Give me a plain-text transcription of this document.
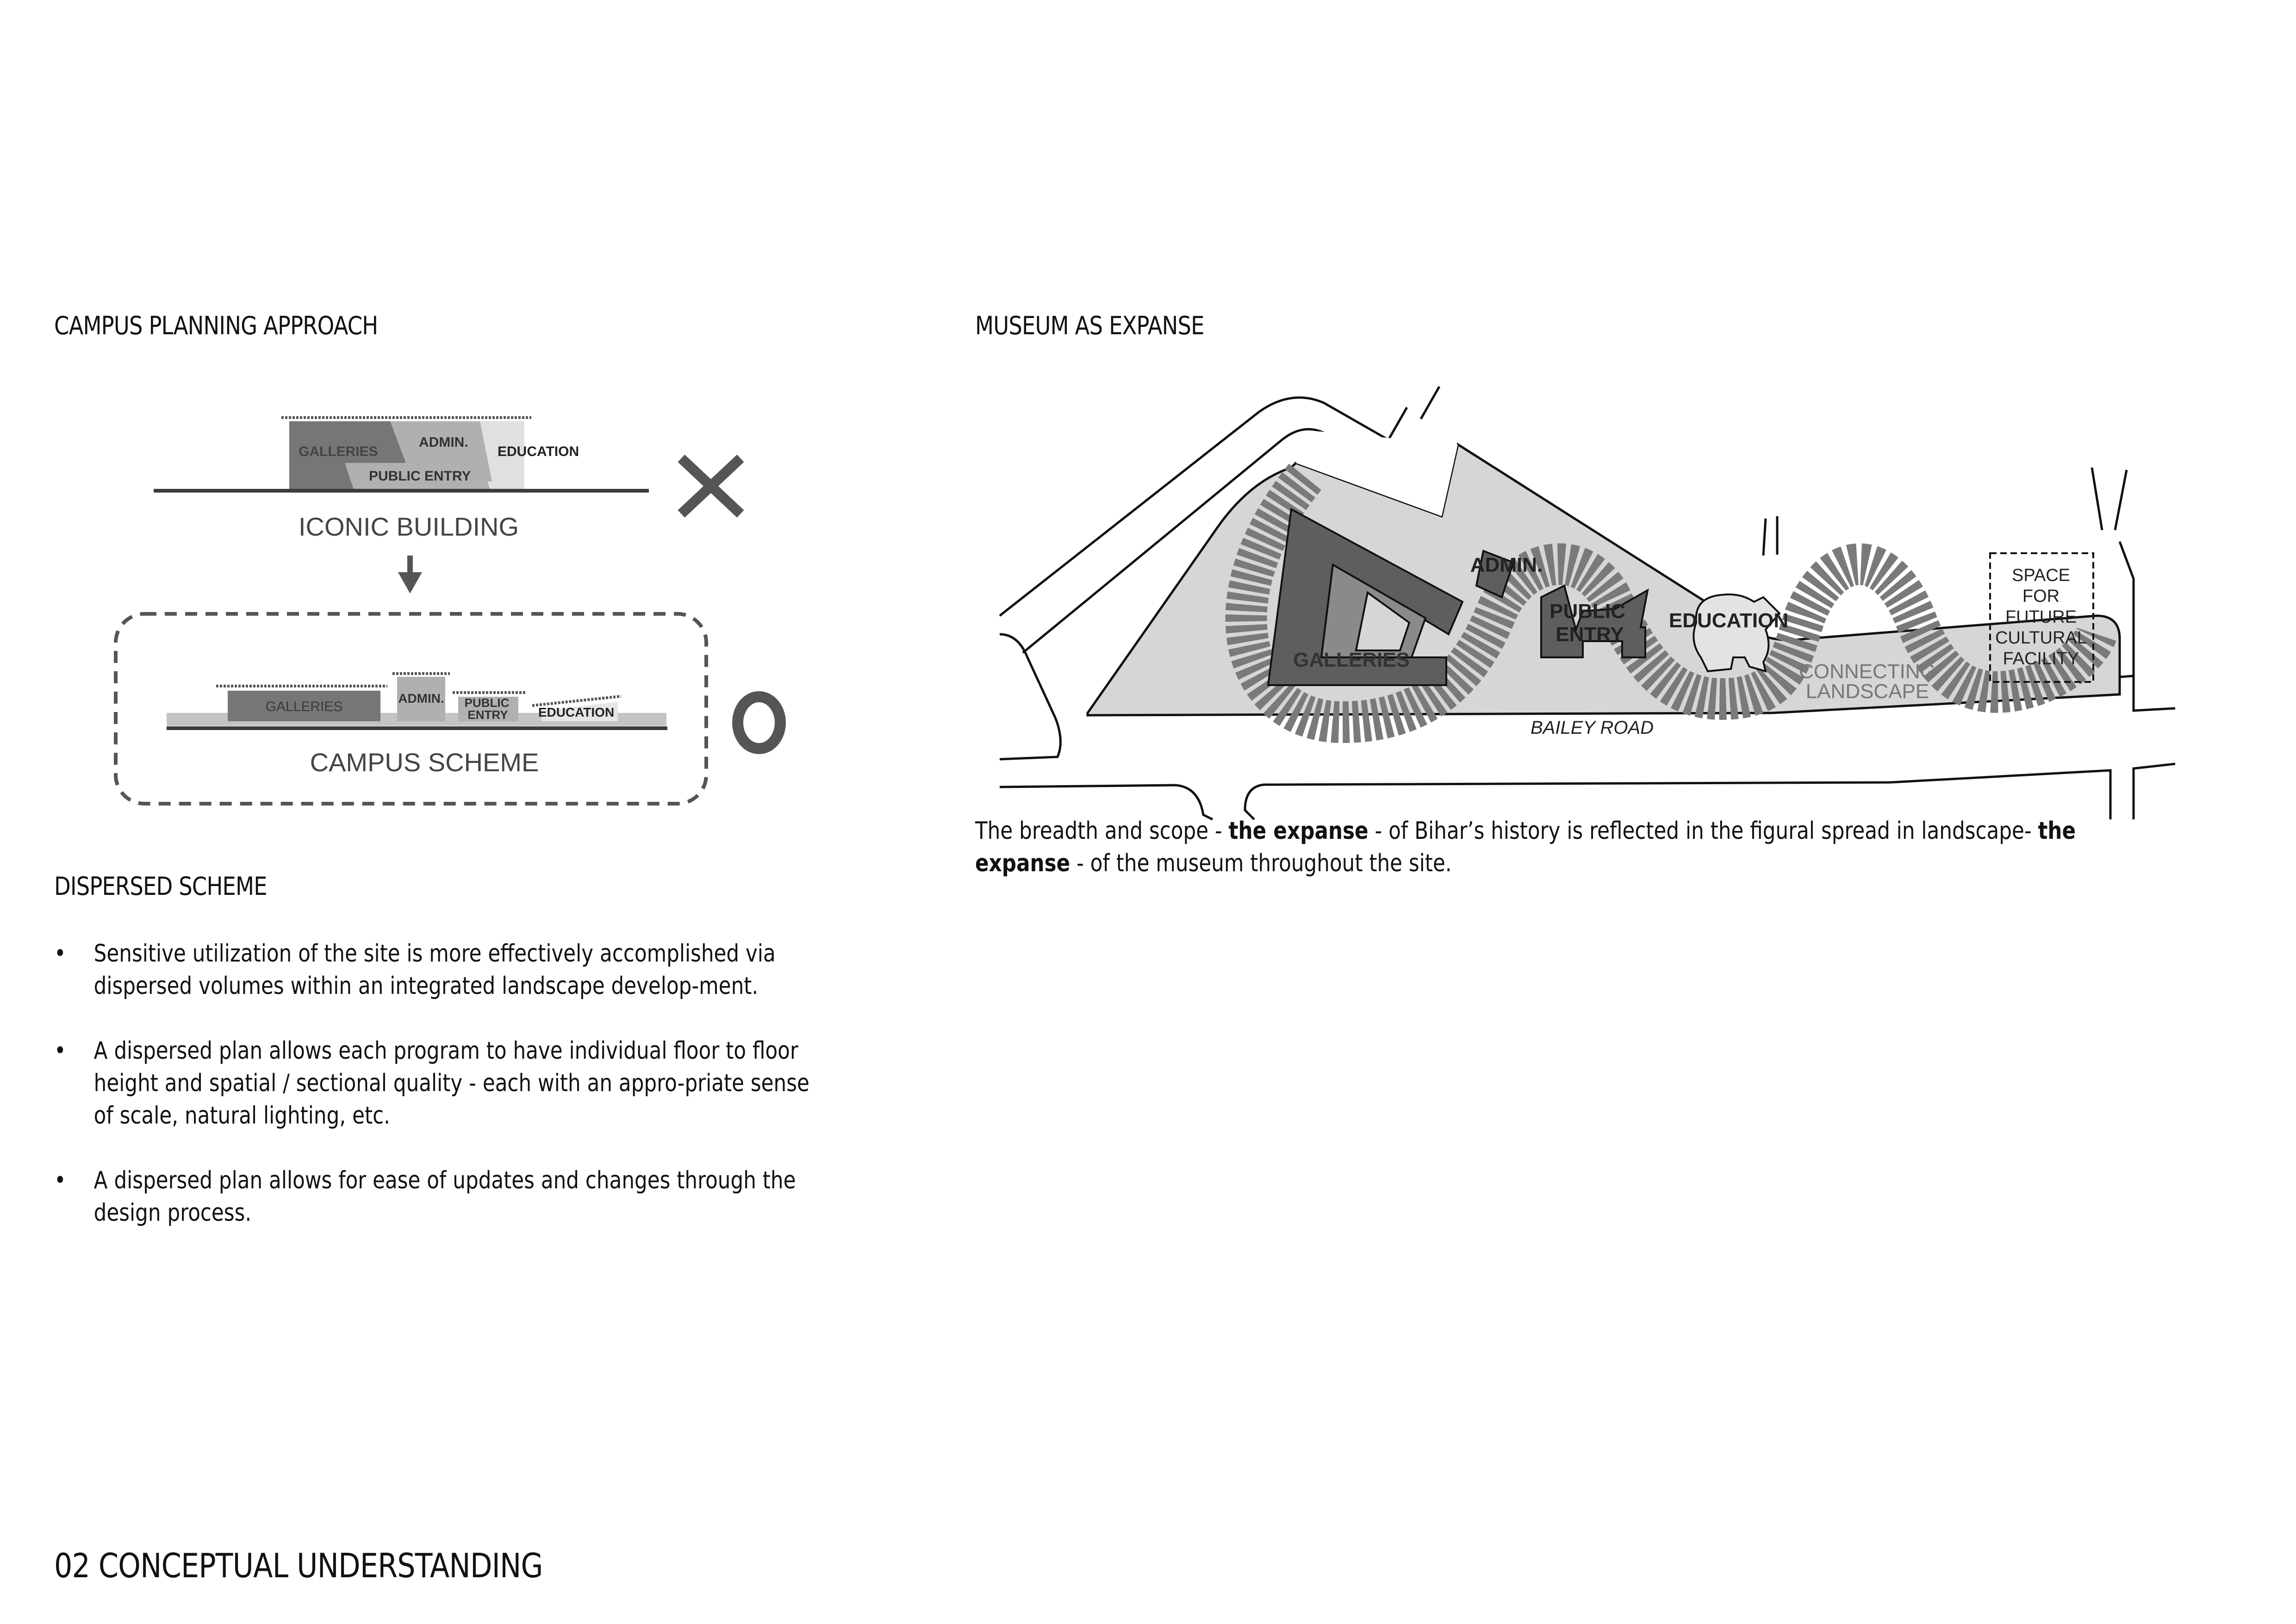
CAMPUS PLANNING APPROACH	MUSEUM AS EXPANSE
GALLERIES
ADMIN.
EDUCATION
PUBLIC ENTRY
ICONIC BUILDING
GALLERIES
ADMIN. PUBLIC
ENTRY EDUCATION
CAMPUS SCHEME
GALLERIES
ADMIN.
PUBLIC
ENTRY
EDUCATION
CONNECTING
LANDSCAPE
SPACE
FOR
FUTURE
CULTURAL
FACILITY
BAILEY ROAD
The breadth and scope - the expanse - of Bihar’s history is reflected in the figural spread in landscape- the expanse - of the museum throughout the site.
DISPERSED SCHEME
• Sensitive utilization of the site is more effectively accomplished via dispersed volumes within an integrated landscape develop-ment.
• A dispersed plan allows each program to have individual floor to floor height and spatial / sectional quality - each with an appro-priate sense of scale, natural lighting, etc.
• A dispersed plan allows for ease of updates and changes through the design process.
02 CONCEPTUAL UNDERSTANDING
